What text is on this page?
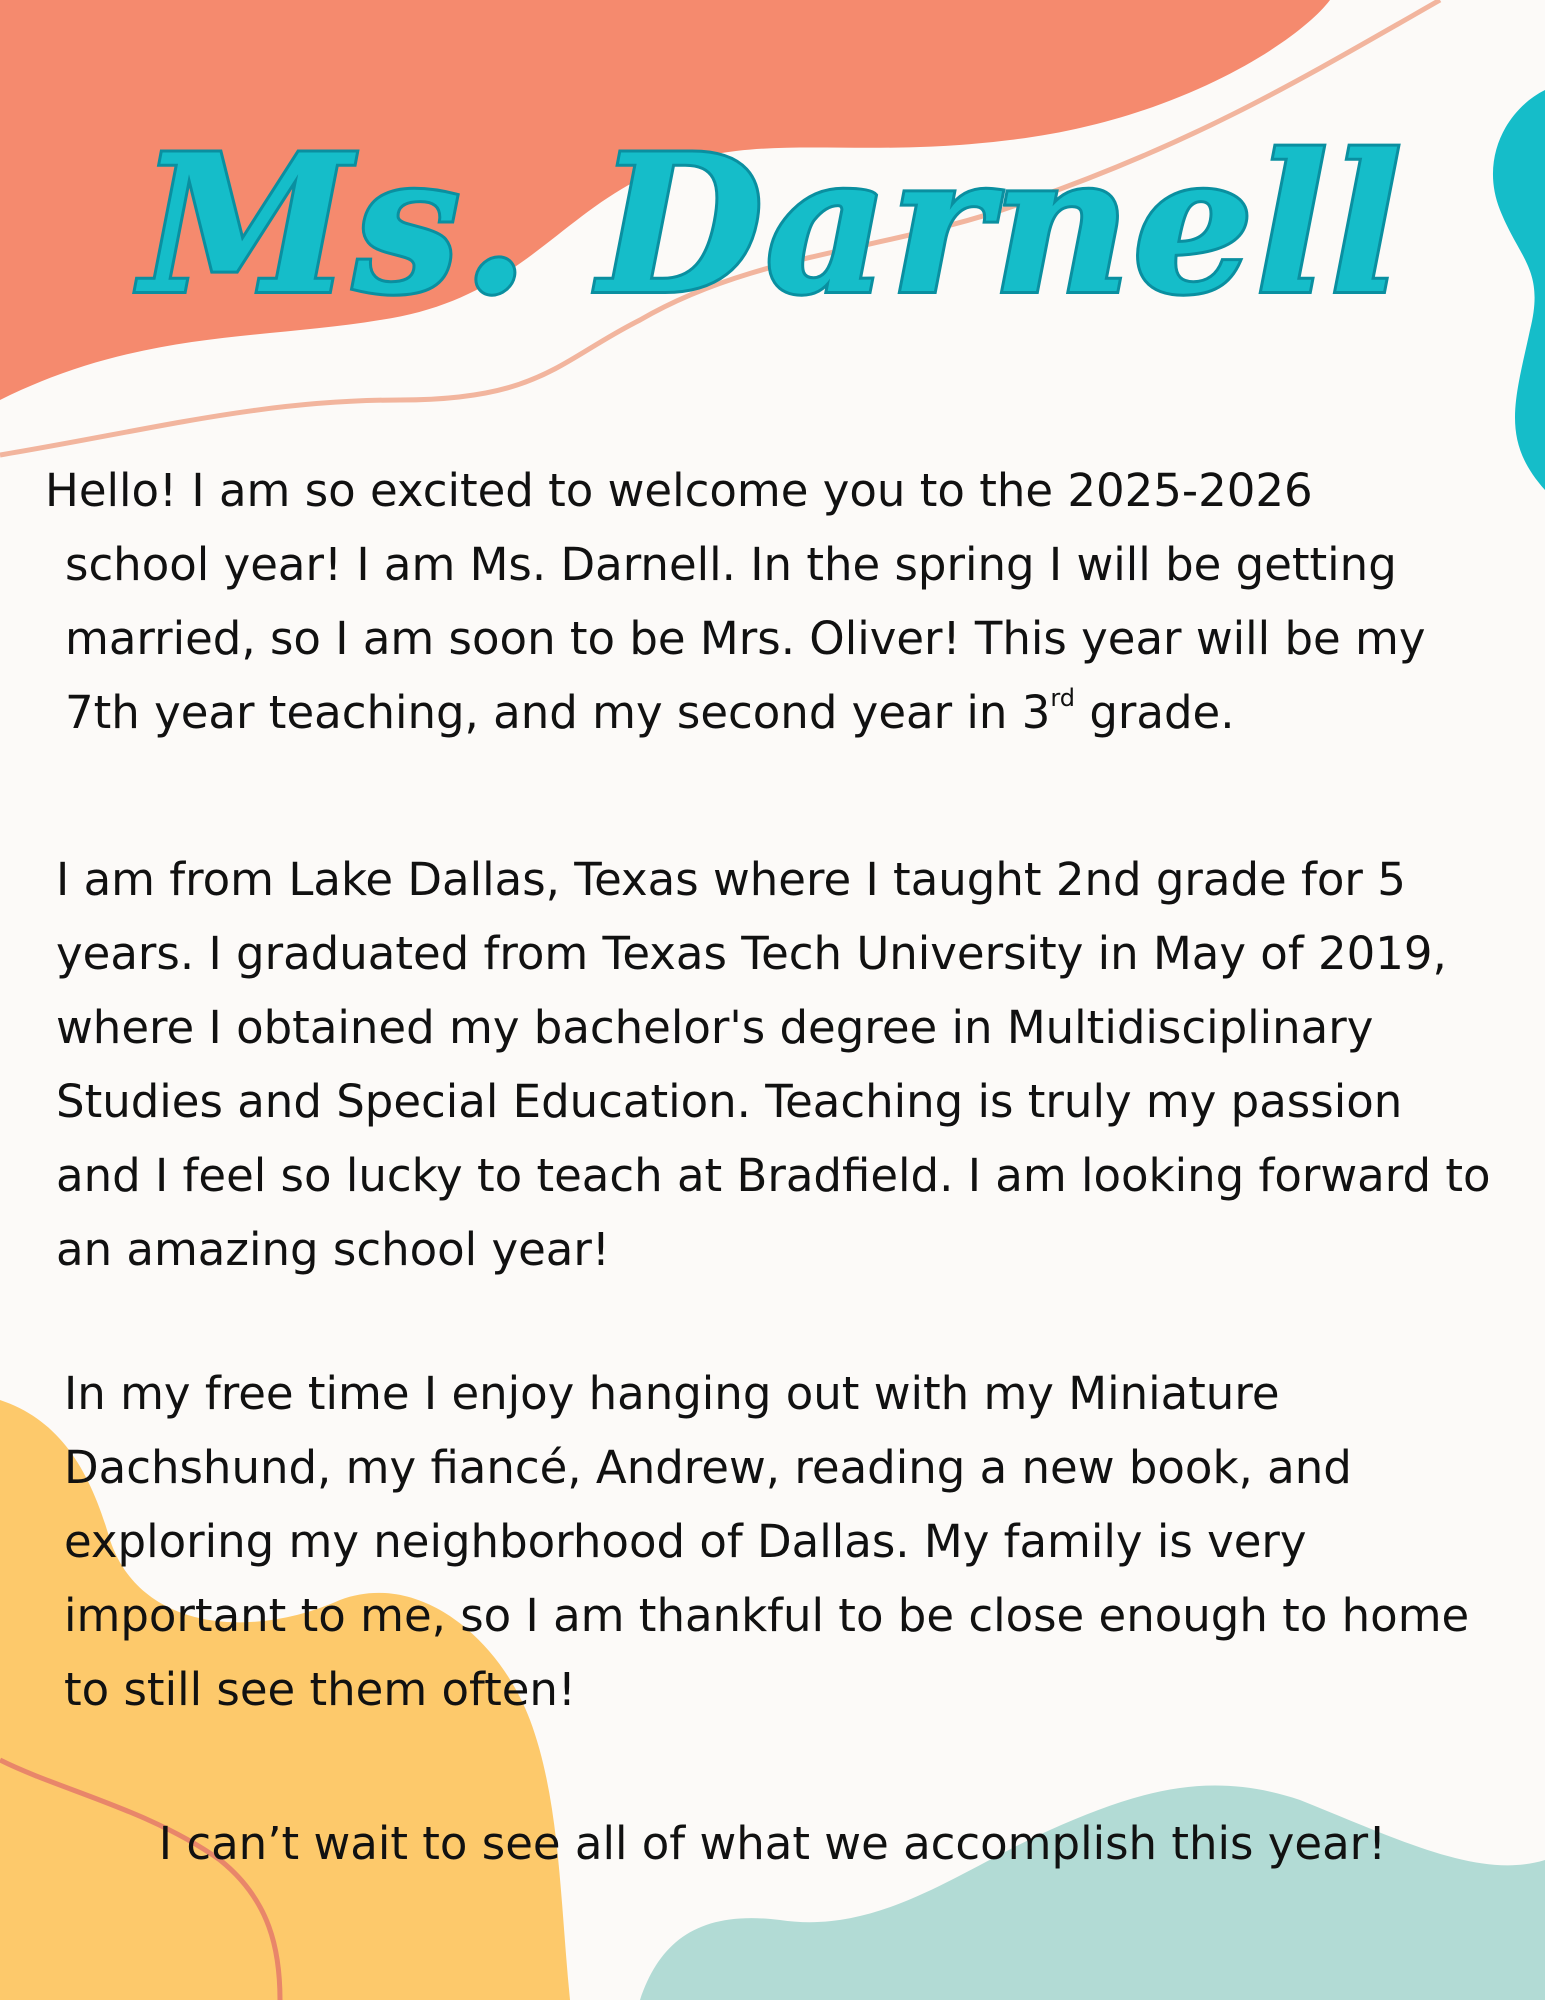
Ms. Darnell

Hello! I am so excited to welcome you to the 2025-2026
school year! I am Ms. Darnell. In the spring I will be getting married, so I am soon to be Mrs. Oliver! This year will be my 7th year teaching, and my second year in 3rd grade.

I am from Lake Dallas, Texas where I taught 2nd grade for 5 years. I graduated from Texas Tech University in May of 2019, where I obtained my bachelor's degree in Multidisciplinary Studies and Special Education. Teaching is truly my passion and I feel so lucky to teach at Bradfield. I am looking forward to an amazing school year!

In my free time I enjoy hanging out with my Miniature Dachshund, my fiancé, Andrew, reading a new book, and exploring my neighborhood of Dallas. My family is very important to me, so I am thankful to be close enough to home to still see them often!

I can’t wait to see all of what we accomplish this year!
